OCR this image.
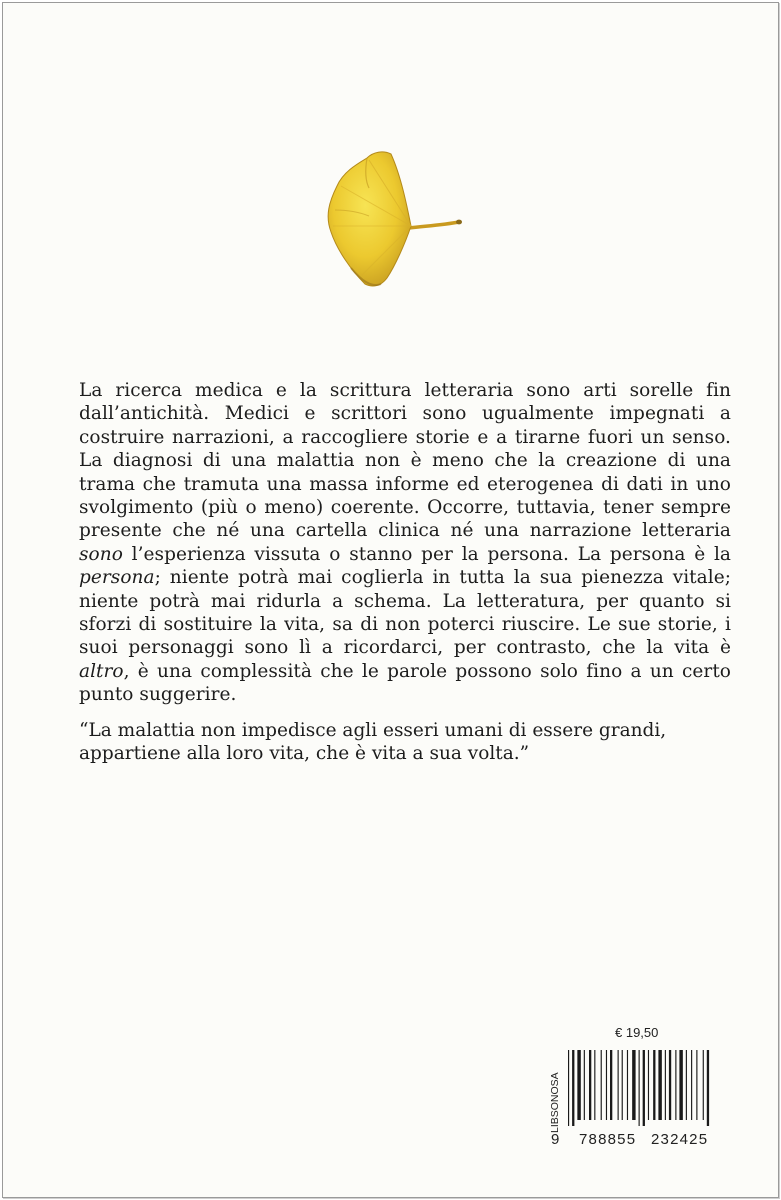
La ricerca medica e la scrittura letteraria sono arti sorelle fin dall’antichità. Medici e scrittori sono ugualmente impegnati a costruire narrazioni, a raccogliere storie e a tirarne fuori un senso. La diagnosi di una malattia non è meno che la creazione di una trama che tramuta una massa informe ed eterogenea di dati in uno svolgimento (più o meno) coerente. Occorre, tuttavia, tener sempre presente che né una cartella clinica né una narrazione letteraria sono l’esperienza vissuta o stanno per la persona. La persona è la persona; niente potrà mai coglierla in tutta la sua pienezza vitale; niente potrà mai ridurla a schema. La letteratura, per quanto si sforzi di sostituire la vita, sa di non poterci riuscire. Le sue storie, i suoi personaggi sono lì a ricordarci, per contrasto, che la vita è altro, è una complessità che le parole possono solo fino a un certo punto suggerire.

“La malattia non impedisce agli esseri umani di essere grandi, appartiene alla loro vita, che è vita a sua volta.”

€ 19,50
LIBSONOSA
9 788855 232425
